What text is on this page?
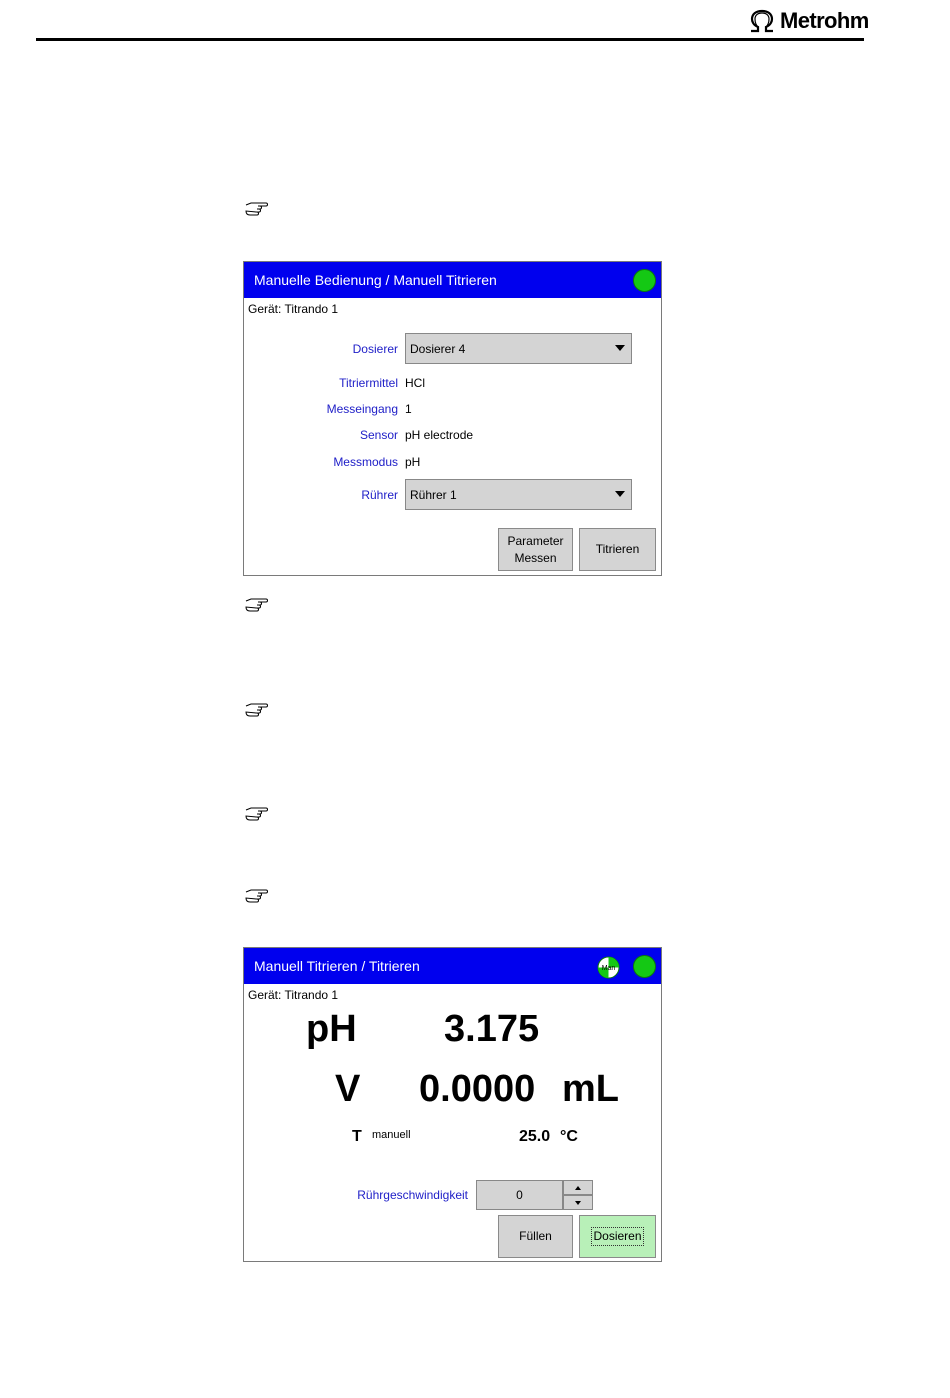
Metrohm
Manuelle Bedienung / Manuell Titrieren
Gerät: Titrando 1
Dosierer Dosierer 4
Titriermittel HCl
Messeingang 1
Sensor pH electrode
Messmodus pH
Rührer Rührer 1
Parameter
Messen
Titrieren
Manuell Titrieren / Titrieren	Man
Gerät: Titrando 1
pH 3.175
V 0.0000 mL
T manuell	25.0 °C
Rührgeschwindigkeit	0
Füllen	Dosieren
